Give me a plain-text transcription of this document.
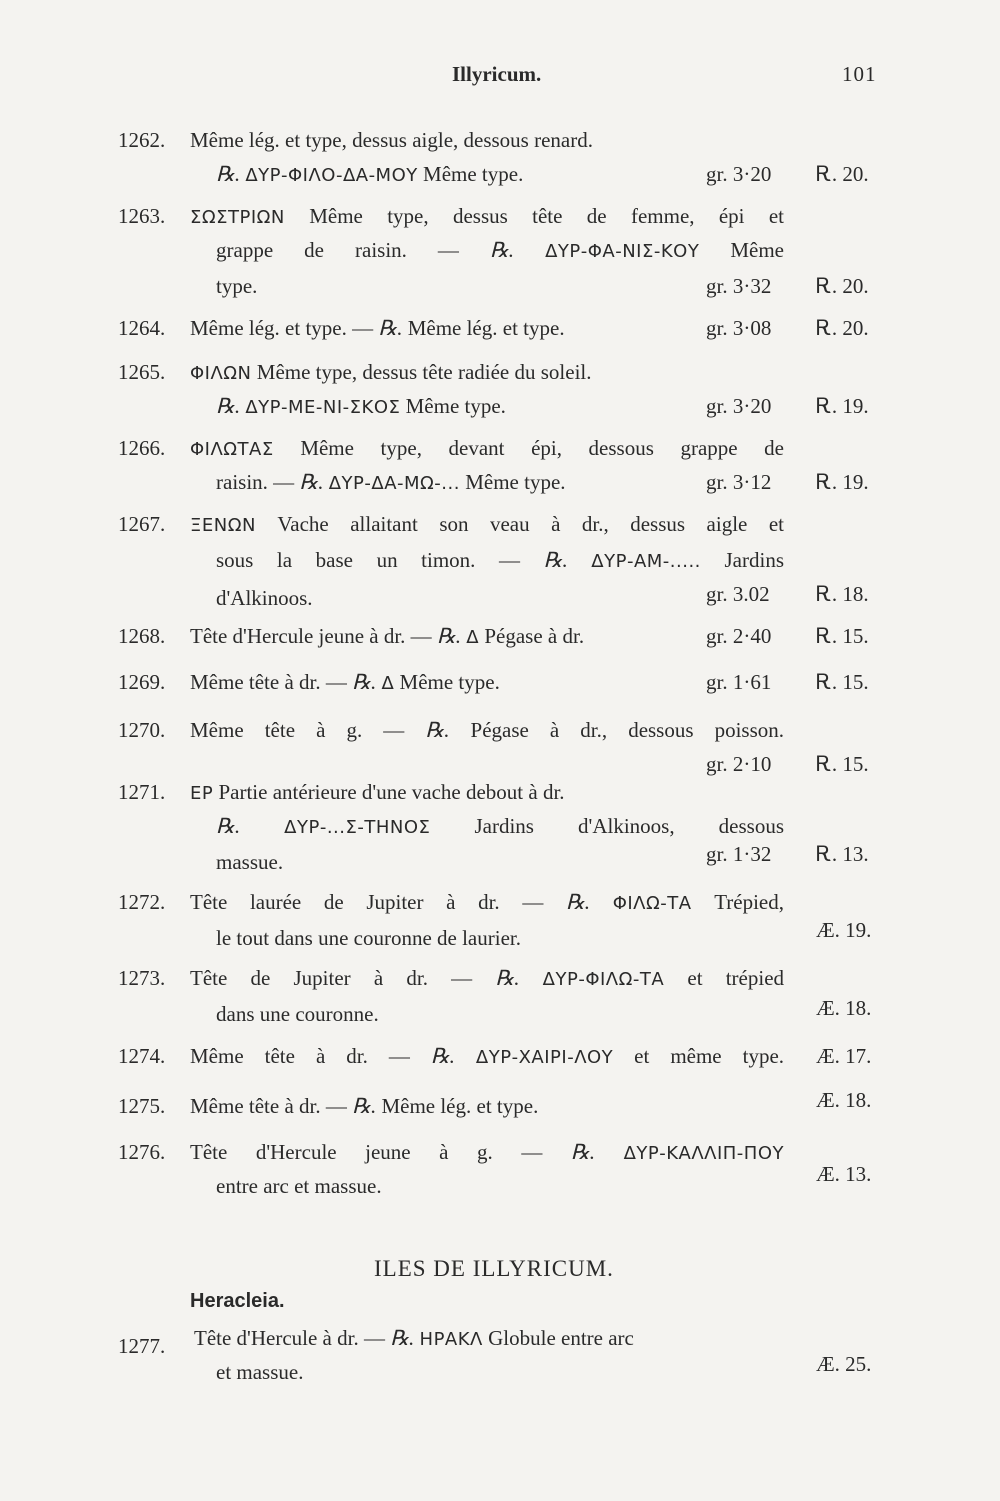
Illyricum.	101
1262. Même lég. et type, dessus aigle, dessous renard.
℞. ΔΥΡ-ΦΙΛΟ-ΔΑ-ΜΟΥ Même type.	gr. 3·20 Ꭱ. 20.
1263. ΣΩΣΤΡΙΩΝ Même type, dessus tête de femme, épi et
grappe de raisin. — ℞. ΔΥΡ-ΦΑ-ΝΙΣ-ΚΟΥ Même
type.	gr. 3·32 Ꭱ. 20.
1264. Même lég. et type. — ℞. Même lég. et type.	gr. 3·08 Ꭱ. 20.
1265. ΦΙΛΩΝ Même type, dessus tête radiée du soleil.
℞. ΔΥΡ-ΜΕ-ΝΙ-ΣΚΟΣ Même type.	gr. 3·20 Ꭱ. 19.
1266. ΦΙΛΩΤΑΣ Même type, devant épi, dessous grappe de
raisin. — ℞. ΔΥΡ-ΔΑ-ΜΩ-... Même type.	gr. 3·12 Ꭱ. 19.
1267. ΞΕΝΩΝ Vache allaitant son veau à dr., dessus aigle et
sous la base un timon. — ℞. ΔΥΡ-ΑΜ-..... Jardins
d'Alkinoos.	gr. 3.02 Ꭱ. 18.
1268. Tête d'Hercule jeune à dr. — ℞. Δ Pégase à dr.	gr. 2·40 Ꭱ. 15.
1269. Même tête à dr. — ℞. Δ Même type.	gr. 1·61 Ꭱ. 15.
1270. Même tête à g. — ℞. Pégase à dr., dessous poisson.
gr. 2·10 Ꭱ. 15.
1271. ΕΡ Partie antérieure d'une vache debout à dr.
℞. ΔΥΡ-...Σ-ΤΗΝΟΣ Jardins d'Alkinoos, dessous
massue.	gr. 1·32 Ꭱ. 13.
1272. Tête laurée de Jupiter à dr. — ℞. ΦΙΛΩ-ΤΑ Trépied,
le tout dans une couronne de laurier.	Æ. 19.
1273. Tête de Jupiter à dr. — ℞. ΔΥΡ-ΦΙΛΩ-ΤΑ et trépied
dans une couronne.	Æ. 18.
1274. Même tête à dr. — ℞. ΔΥΡ-ΧΑΙΡΙ-ΛΟΥ et même type. Æ. 17.
1275. Même tête à dr. — ℞. Même lég. et type.	Æ. 18.
1276. Tête d'Hercule jeune à g. — ℞. ΔΥΡ-ΚΑΛΛΙΠ-ΠΟΥ
entre arc et massue.	Æ. 13.
ILES DE ILLYRICUM.
Heracleia.
1277. Tête d'Hercule à dr. — ℞. ΗΡΑΚΛ Globule entre arc
et massue.	Æ. 25.
